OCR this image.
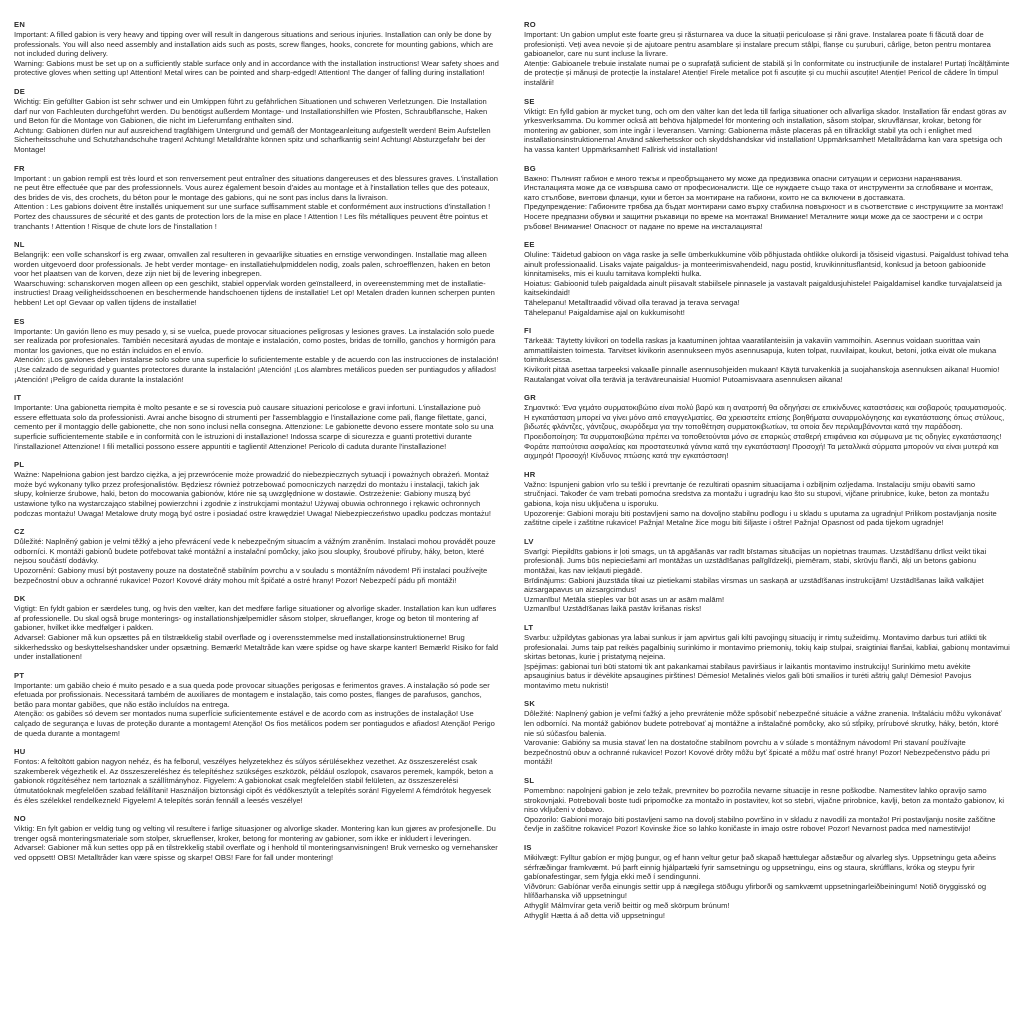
EN
Important: A filled gabion is very heavy and tipping over will result in dangerous situations and serious injuries. Installation can only be done by professionals. You will also need assembly and installation aids such as posts, screw flanges, hooks, concrete for mounting gabions, which are not included during delivery.
Warning: Gabions must be set up on a sufficiently stable surface only and in accordance with the installation instructions! Wear safety shoes and protective gloves when setting up! Attention! Metal wires can be pointed and sharp-edged! Attention! The danger of falling during installation!
DE
Wichtig: Ein gefüllter Gabion ist sehr schwer und ein Umkippen führt zu gefährlichen Situationen und schweren Verletzungen. Die Installation darf nur von Fachleuten durchgeführt werden. Du benötigst außerdem Montage- und Installationshilfen wie Pfosten, Schraubflansche, Haken und Beton für die Montage von Gabionen, die nicht im Lieferumfang enthalten sind.
Achtung: Gabionen dürfen nur auf ausreichend tragfähigem Untergrund und gemäß der Montageanleitung aufgestellt werden! Beim Aufstellen Sicherheitsschuhe und Schutzhandschuhe tragen! Achtung! Metalldrähte können spitz und scharfkantig sein! Achtung! Absturzgefahr bei der Montage!
FR
Important : un gabion rempli est très lourd et son renversement peut entraîner des situations dangereuses et des blessures graves. L'installation ne peut être effectuée que par des professionnels. Vous aurez également besoin d'aides au montage et à l'installation telles que des poteaux, des brides de vis, des crochets, du béton pour le montage des gabions, qui ne sont pas inclus dans la livraison.
Attention : Les gabions doivent être installés uniquement sur une surface suffisamment stable et conformément aux instructions d'installation ! Portez des chaussures de sécurité et des gants de protection lors de la mise en place ! Attention ! Les fils métalliques peuvent être pointus et tranchants ! Attention ! Risque de chute lors de l'installation !
NL
Belangrijk: een volle schanskorf is erg zwaar, omvallen zal resulteren in gevaarlijke situaties en ernstige verwondingen. Installatie mag alleen worden uitgevoerd door professionals. Je hebt verder montage- en installatiehulpmiddelen nodig, zoals palen, schroefflenzen, haken en beton voor het plaatsen van de korven, deze zijn niet bij de levering inbegrepen.
Waarschuwing: schanskorven mogen alleen op een geschikt, stabiel oppervlak worden geïnstalleerd, in overeenstemming met de installatie-instructies! Draag veiligheidsschoenen en beschermende handschoenen tijdens de installatie! Let op! Metalen draden kunnen scherpen punten hebben! Let op! Gevaar op vallen tijdens de installatie!
ES
Importante: Un gavión lleno es muy pesado y, si se vuelca, puede provocar situaciones peligrosas y lesiones graves. La instalación solo puede ser realizada por profesionales. También necesitará ayudas de montaje e instalación, como postes, bridas de tornillo, ganchos y hormigón para montar los gaviones, que no están incluidos en el envío.
Atención: ¡Los gaviones deben instalarse solo sobre una superficie lo suficientemente estable y de acuerdo con las instrucciones de instalación! ¡Use calzado de seguridad y guantes protectores durante la instalación! ¡Atención! ¡Los alambres metálicos pueden ser puntiagudos y afilados! ¡Atención! ¡Peligro de caída durante la instalación!
IT
Importante: Una gabionetta riempita è molto pesante e se si rovescia può causare situazioni pericolose e gravi infortuni. L'installazione può essere effettuata solo da professionisti. Avrai anche bisogno di strumenti per l'assemblaggio e l'installazione come pali, flange filettate, ganci, cemento per il montaggio delle gabionette, che non sono inclusi nella consegna. Attenzione: Le gabionette devono essere montate solo su una superficie sufficientemente stabile e in conformità con le istruzioni di installazione! Indossa scarpe di sicurezza e guanti protettivi durante l'installazione! Attenzione! I fili metallici possono essere appuntiti e taglienti! Attenzione! Pericolo di caduta durante l'installazione!
PL
Ważne: Napełniona gabion jest bardzo ciężka, a jej przewrócenie może prowadzić do niebezpiecznych sytuacji i poważnych obrażeń. Montaż może być wykonany tylko przez profesjonalistów. Będziesz również potrzebować pomocniczych narzędzi do montażu i instalacji, takich jak słupy, kołnierze śrubowe, haki, beton do mocowania gabionów, które nie są uwzględnione w dostawie. Ostrzeżenie: Gabiony muszą być ustawione tylko na wystarczająco stabilnej powierzchni i zgodnie z instrukcjami montażu! Używaj obuwia ochronnego i rękawic ochronnych podczas montażu! Uwaga! Metalowe druty mogą być ostre i posiadać ostre krawędzie! Uwaga! Niebezpieczeństwo upadku podczas montażu!
CZ
Důležité: Naplněný gabion je velmi těžký a jeho převrácení vede k nebezpečným situacím a vážným zraněním. Instalaci mohou provádět pouze odborníci. K montáži gabionů budete potřebovat také montážní a instalační pomůcky, jako jsou sloupky, šroubové příruby, háky, beton, které nejsou součástí dodávky.
Upozornění: Gabiony musí být postaveny pouze na dostatečně stabilním povrchu a v souladu s montážním návodem! Při instalaci používejte bezpečnostní obuv a ochranné rukavice! Pozor! Kovové dráty mohou mít špičaté a ostré hrany! Pozor! Nebezpečí pádu při montáži!
DK
Vigtigt: En fyldt gabion er særdeles tung, og hvis den vælter, kan det medføre farlige situationer og alvorlige skader. Installation kan kun udføres af professionelle. Du skal også bruge monterings- og installationshjælpemidler såsom stolper, skrueflanger, kroge og beton til montering af gabioner, hvilket ikke medfølger i pakken.
Advarsel: Gabioner må kun opsættes på en tilstrækkelig stabil overflade og i overensstemmelse med installationsinstruktionerne! Brug sikkerhedssko og beskyttelseshandsker under opsætning. Bemærk! Metaltråde kan være spidse og have skarpe kanter! Bemærk! Risiko for fald under installationen!
PT
Importante: um gabião cheio é muito pesado e a sua queda pode provocar situações perigosas e ferimentos graves. A instalação só pode ser efetuada por profissionais. Necessitará também de auxiliares de montagem e instalação, tais como postes, flanges de parafusos, ganchos, betão para montar gabiões, que não estão incluídos na entrega.
Atenção: os gabiões só devem ser montados numa superfície suficientemente estável e de acordo com as instruções de instalação! Use calçado de segurança e luvas de proteção durante a montagem! Atenção! Os fios metálicos podem ser pontiagudos e afiados! Atenção! Perigo de queda durante a montagem!
HU
Fontos: A feltöltött gabion nagyon nehéz, és ha felborul, veszélyes helyzetekhez és súlyos sérülésekhez vezethet. Az összeszerelést csak szakemberek végezhetik el. Az összeszereléshez és telepítéshez szükséges eszközök, például oszlopok, csavaros peremek, kampók, beton a gabionok rögzítéséhez nem tartoznak a szállítmányhoz. Figyelem: A gabionokat csak megfelelően stabil felületen, az összeszerelési útmutatóoknak megfelelően szabad felállítani! Használjon biztonsági cipőt és védőkesztyűt a telepítés során! Figyelem! A fémdrótok hegyesek és éles szélekkel rendelkeznek! Figyelem! A telepítés során fennáll a leesés veszélye!
NO
Viktig: En fylt gabion er veldig tung og velting vil resultere i farlige situasjoner og alvorlige skader. Montering kan kun gjøres av profesjonelle. Du trenger også monteringsmateriale som stolper, skrueflenser, kroker, betong for montering av gabioner, som ikke er inkludert i leveringen.
Advarsel: Gabioner må kun settes opp på en tilstrekkelig stabil overflate og i henhold til monteringsanvisningen! Bruk vernesko og vernehansker ved oppsett! OBS! Metalltråder kan være spisse og skarpe! OBS! Fare for fall under montering!
RO
Important: Un gabion umplut este foarte greu și răsturnarea va duce la situații periculoase și răni grave. Instalarea poate fi făcută doar de profesioniști. Veți avea nevoie și de ajutoare pentru asamblare și instalare precum stâlpi, flanșe cu șuruburi, cârlige, beton pentru montarea gabioanelor, care nu sunt incluse la livrare.
Atenție: Gabioanele trebuie instalate numai pe o suprafață suficient de stabilă și în conformitate cu instrucțiunile de instalare! Purtați încălțăminte de protecție și mănuși de protecție la instalare! Atenție! Firele metalice pot fi ascuțite și cu muchii ascuțite! Atenție! Pericol de cădere în timpul instalării!
SE
Viktigt: En fylld gabion är mycket tung, och om den välter kan det leda till farliga situationer och allvarliga skador. Installation får endast göras av yrkesverksamma. Du kommer också att behöva hjälpmedel för montering och installation, såsom stolpar, skruvflänsar, krokar, betong för montering av gabioner, som inte ingår i leveransen. Varning: Gabionerna måste placeras på en tillräckligt stabil yta och i enlighet med installationsinstruktionerna! Använd säkerhetsskor och skyddshandskar vid installation! Uppmärksamhet! Metalltrådarna kan vara spetsiga och ha vassa kanter! Uppmärksamhet! Fallrisk vid installation!
BG
Важно: Пълният габион е много тежък и преобръщането му може да предизвика опасни ситуации и сериозни наранявания. Инсталацията може да се извършва само от професионалисти. Ще се нуждаете също така от инструменти за сглобяване и монтаж, като стълбове, винтови фланци, куки и бетон за монтиране на габиони, които не са включени в доставката.
Предупреждение: Габионите трябва да бъдат монтирани само върху стабилна повърхност и в съответствие с инструкциите за монтаж! Носете предпазни обувки и защитни ръкавици по време на монтажа! Внимание! Металните жици може да се заострени и с остри ръбове! Внимание! Опасност от падане по време на инсталацията!
EE
Oluline: Täidetud gabioon on väga raske ja selle ümberkukkumine võib põhjustada ohtlikke olukordi ja tõsiseid vigastusi. Paigaldust tohivad teha ainult professionaalid. Lisaks vajate paigaldus- ja monteerimisvahendeid, nagu postid, kruvikinnitusflantsid, konksud ja betoon gabioonide kinnitamiseks, mis ei kuulu tarnitava komplekti hulka.
Hoiatus: Gabioonid tuleb paigaldada ainult piisavalt stabiilsele pinnasele ja vastavalt paigaldusjuhistele! Paigaldamisel kandke turvajalatseid ja kaitsekindaid!
Tähelepanu! Metalltraadid võivad olla teravad ja terava servaga!
Tähelepanu! Paigaldamise ajal on kukkumisoht!
FI
Tärkeää: Täytetty kivikori on todella raskas ja kaatuminen johtaa vaaratilanteisiin ja vakaviin vammoihin. Asennus voidaan suorittaa vain ammattilaisten toimesta. Tarvitset kivikorin asennukseen myös asennusapuja, kuten tolpat, ruuvilaipat, koukut, betoni, jotka eivät ole mukana toimituksessa.
Kivikorit pitää asettaa tarpeeksi vakaalle pinnalle asennusohjeiden mukaan! Käytä turvakenkiä ja suojahanskoja asennuksen aikana! Huomio! Rautalangat voivat olla teräviä ja teräväreunaisia! Huomio! Putoamisvaara asennuksen aikana!
GR
Σημαντικό: Ένα γεμάτο συρματοκιβώτιο είναι πολύ βαρύ και η ανατροπή θα οδηγήσει σε επικίνδυνες καταστάσεις και σοβαρούς τραυματισμούς. Η εγκατάσταση μπορεί να γίνει μόνο από επαγγελματίες. Θα χρειαστείτε επίσης βοηθήματα συναρμολόγησης και εγκατάστασης όπως στύλους, βιδωτές φλάντζες, γάντζους, σκυρόδεμα για την τοποθέτηση συρματοκιβωτίων, τα οποία δεν περιλαμβάνονται κατά την παράδοση.
Προειδοποίηση: Τα συρματοκιβώτια πρέπει να τοποθετούνται μόνο σε επαρκώς σταθερή επιφάνεια και σύμφωνα με τις οδηγίες εγκατάστασης! Φοράτε παπούτσια ασφαλείας και προστατευτικά γάντια κατά την εγκατάσταση! Προσοχή! Τα μεταλλικά σύρματα μπορούν να είναι μυτερά και αιχμηρά! Προσοχή! Κίνδυνος πτώσης κατά την εγκατάσταση!
HR
Važno: Ispunjeni gabion vrlo su teški i prevrtanje će rezultirati opasnim situacijama i ozbiljnim ozljedama. Instalaciju smiju obaviti samo stručnjaci. Također će vam trebati pomoćna sredstva za montažu i ugradnju kao što su stupovi, vijčane prirubnice, kuke, beton za montažu gabiona, koja nisu uključena u isporuku.
Upozorenje: Gabioni moraju biti postavljeni samo na dovoljno stabilnu podlogu i u skladu s uputama za ugradnju! Prilikom postavljanja nosite zaštitne cipele i zaštitne rukavice! Pažnja! Metalne žice mogu biti šiljaste i oštre! Pažnja! Opasnost od pada tijekom ugradnje!
LV
Svarīgi: Piepildīts gabions ir ļoti smags, un tā apgāšanās var radīt bīstamas situācijas un nopietnas traumas. Uzstādīšanu drīkst veikt tikai profesionāļi. Jums būs nepieciešami arī montāžas un uzstādīšanas palīglīdzekļi, piemēram, stabi, skrūvju flanči, āķi un betons gabionu montāžai, kas nav iekļauti piegādē.
Brīdinājums: Gabioni jāuzstāda tikai uz pietiekami stabilas virsmas un saskaņā ar uzstādīšanas instrukcijām! Uzstādīšanas laikā valkājiet aizsargapavus un aizsargcimdus!
Uzmanību! Metāla stieples var būt asas un ar asām malām!
Uzmanību! Uzstādīšanas laikā pastāv krišanas risks!
LT
Svarbu: užpildytas gabionas yra labai sunkus ir jam apvirtus gali kilti pavojingų situacijų ir rimtų sužeidimų. Montavimo darbus turi atlikti tik profesionalai. Jums taip pat reikės pagalbinių surinkimo ir montavimo priemonių, tokių kaip stulpai, sraigtiniai flanšai, kabliai, gabionų montavimui skirtas betonas, kurie į pristatymą neįeina.
Įspėjimas: gabionai turi būti statomi tik ant pakankamai stabilaus paviršiaus ir laikantis montavimo instrukcijų! Surinkimo metu avėkite apsauginius batus ir dėvėkite apsaugines pirštines! Dėmesio! Metalinės vielos gali būti smailios ir turėti aštrių galų! Dėmesio! Pavojus montavimo metu nukristi!
SK
Dôležité: Naplnený gabion je veľmi ťažký a jeho prevrátenie môže spôsobiť nebezpečné situácie a vážne zranenia. Inštaláciu môžu vykonávať len odborníci. Na montáž gabiónov budete potrebovať aj montážne a inštalačné pomôcky, ako sú stĺpiky, prírubové skrutky, háky, betón, ktoré nie sú súčasťou balenia.
Varovanie: Gabióny sa musia stavať len na dostatočne stabilnom povrchu a v súlade s montážnym návodom! Pri stavaní používajte bezpečnostnú obuv a ochranné rukavice! Pozor! Kovové drôty môžu byť špicaté a môžu mať ostré hrany! Pozor! Nebezpečenstvo pádu pri montáži!
SL
Pomembno: napolnjeni gabion je zelo težak, prevrnitev bo pozročila nevarne situacije in resne poškodbe. Namestitev lahko opravijo samo strokovnjaki. Potrebovali boste tudi pripomočke za montažo in postavitev, kot so stebri, vijačne prirobnice, kavlji, beton za montažo gabionov, ki niso vključeni v dobavo.
Opozorilo: Gabioni morajo biti postavljeni samo na dovolj stabilno površino in v skladu z navodili za montažo! Pri postavljanju nosite zaščitne čevlje in zaščitne rokavice! Pozor! Kovinske žice so lahko koničaste in imajo ostre robove! Pozor! Nevarnost padca med namestitvijo!
IS
Mikilvægt: Fylltur gabíon er mjög þungur, og ef hann veltur getur það skapað hættulegar aðstæður og alvarleg slys. Uppsetningu geta aðeins sérfræðingar framkvæmt. Þú þarft einnig hjálpartæki fyrir samsetningu og uppsetningu, eins og staura, skrúfflans, króka og steypu fyrir gabíonafestingar, sem fylgja ekki með í sendingunni.
Viðvörun: Gabíónar verða einungis settir upp á nægilega stöðugu yfirborði og samkvæmt uppsetningarleiðbeiningum! Notið öryggisskó og hlífðarhanska við uppsetningu!
Athygli! Málmvírar geta verið beittir og með skörpum brúnum!
Athygli! Hætta á að detta við uppsetningu!
